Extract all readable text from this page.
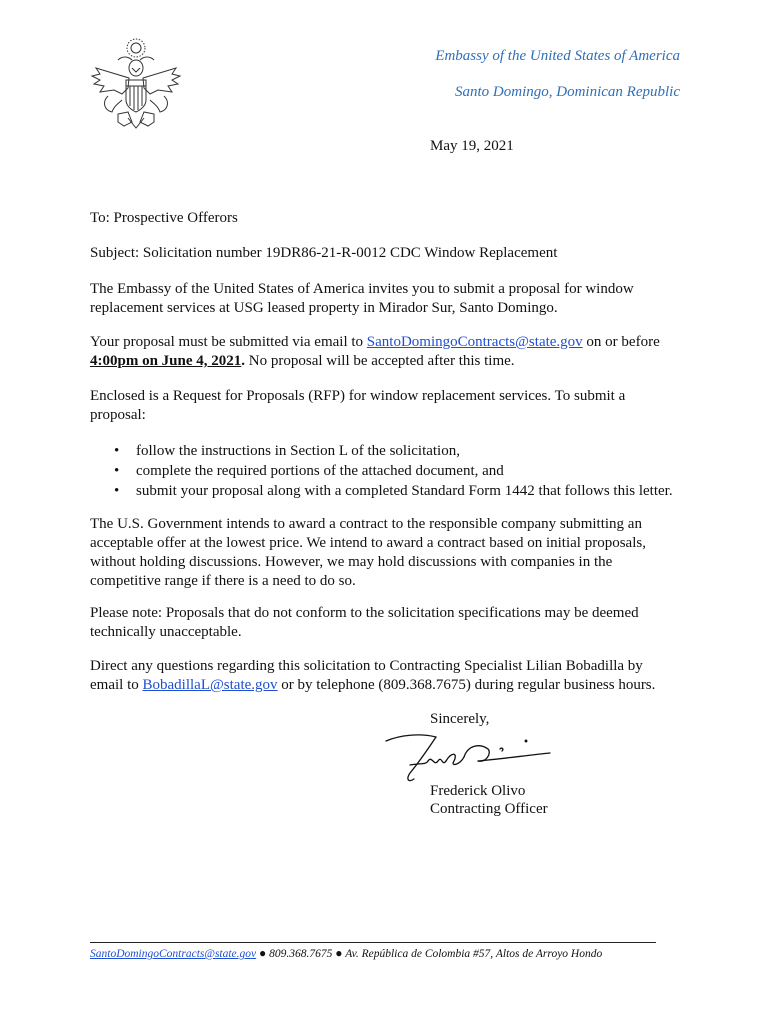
Embassy of the United States of America
Santo Domingo, Dominican Republic
May 19, 2021

To: Prospective Offerors

Subject: Solicitation number 19DR86-21-R-0012 CDC Window Replacement

The Embassy of the United States of America invites you to submit a proposal for window replacement services at USG leased property in Mirador Sur, Santo Domingo.

Your proposal must be submitted via email to SantoDomingoContracts@state.gov on or before
4:00pm on June 4, 2021. No proposal will be accepted after this time.

Enclosed is a Request for Proposals (RFP) for window replacement services. To submit a proposal:

• follow the instructions in Section L of the solicitation,
• complete the required portions of the attached document, and
• submit your proposal along with a completed Standard Form 1442 that follows this letter.

The U.S. Government intends to award a contract to the responsible company submitting an acceptable offer at the lowest price. We intend to award a contract based on initial proposals, without holding discussions. However, we may hold discussions with companies in the competitive range if there is a need to do so.

Please note: Proposals that do not conform to the solicitation specifications may be deemed technically unacceptable.

Direct any questions regarding this solicitation to Contracting Specialist Lilian Bobadilla by email to BobadillaL@state.gov or by telephone (809.368.7675) during regular business hours.

Sincerely,
Frederick Olivo
Contracting Officer
SantoDomingoContracts@state.gov ● 809.368.7675 ● Av. República de Colombia #57, Altos de Arroyo Hondo
